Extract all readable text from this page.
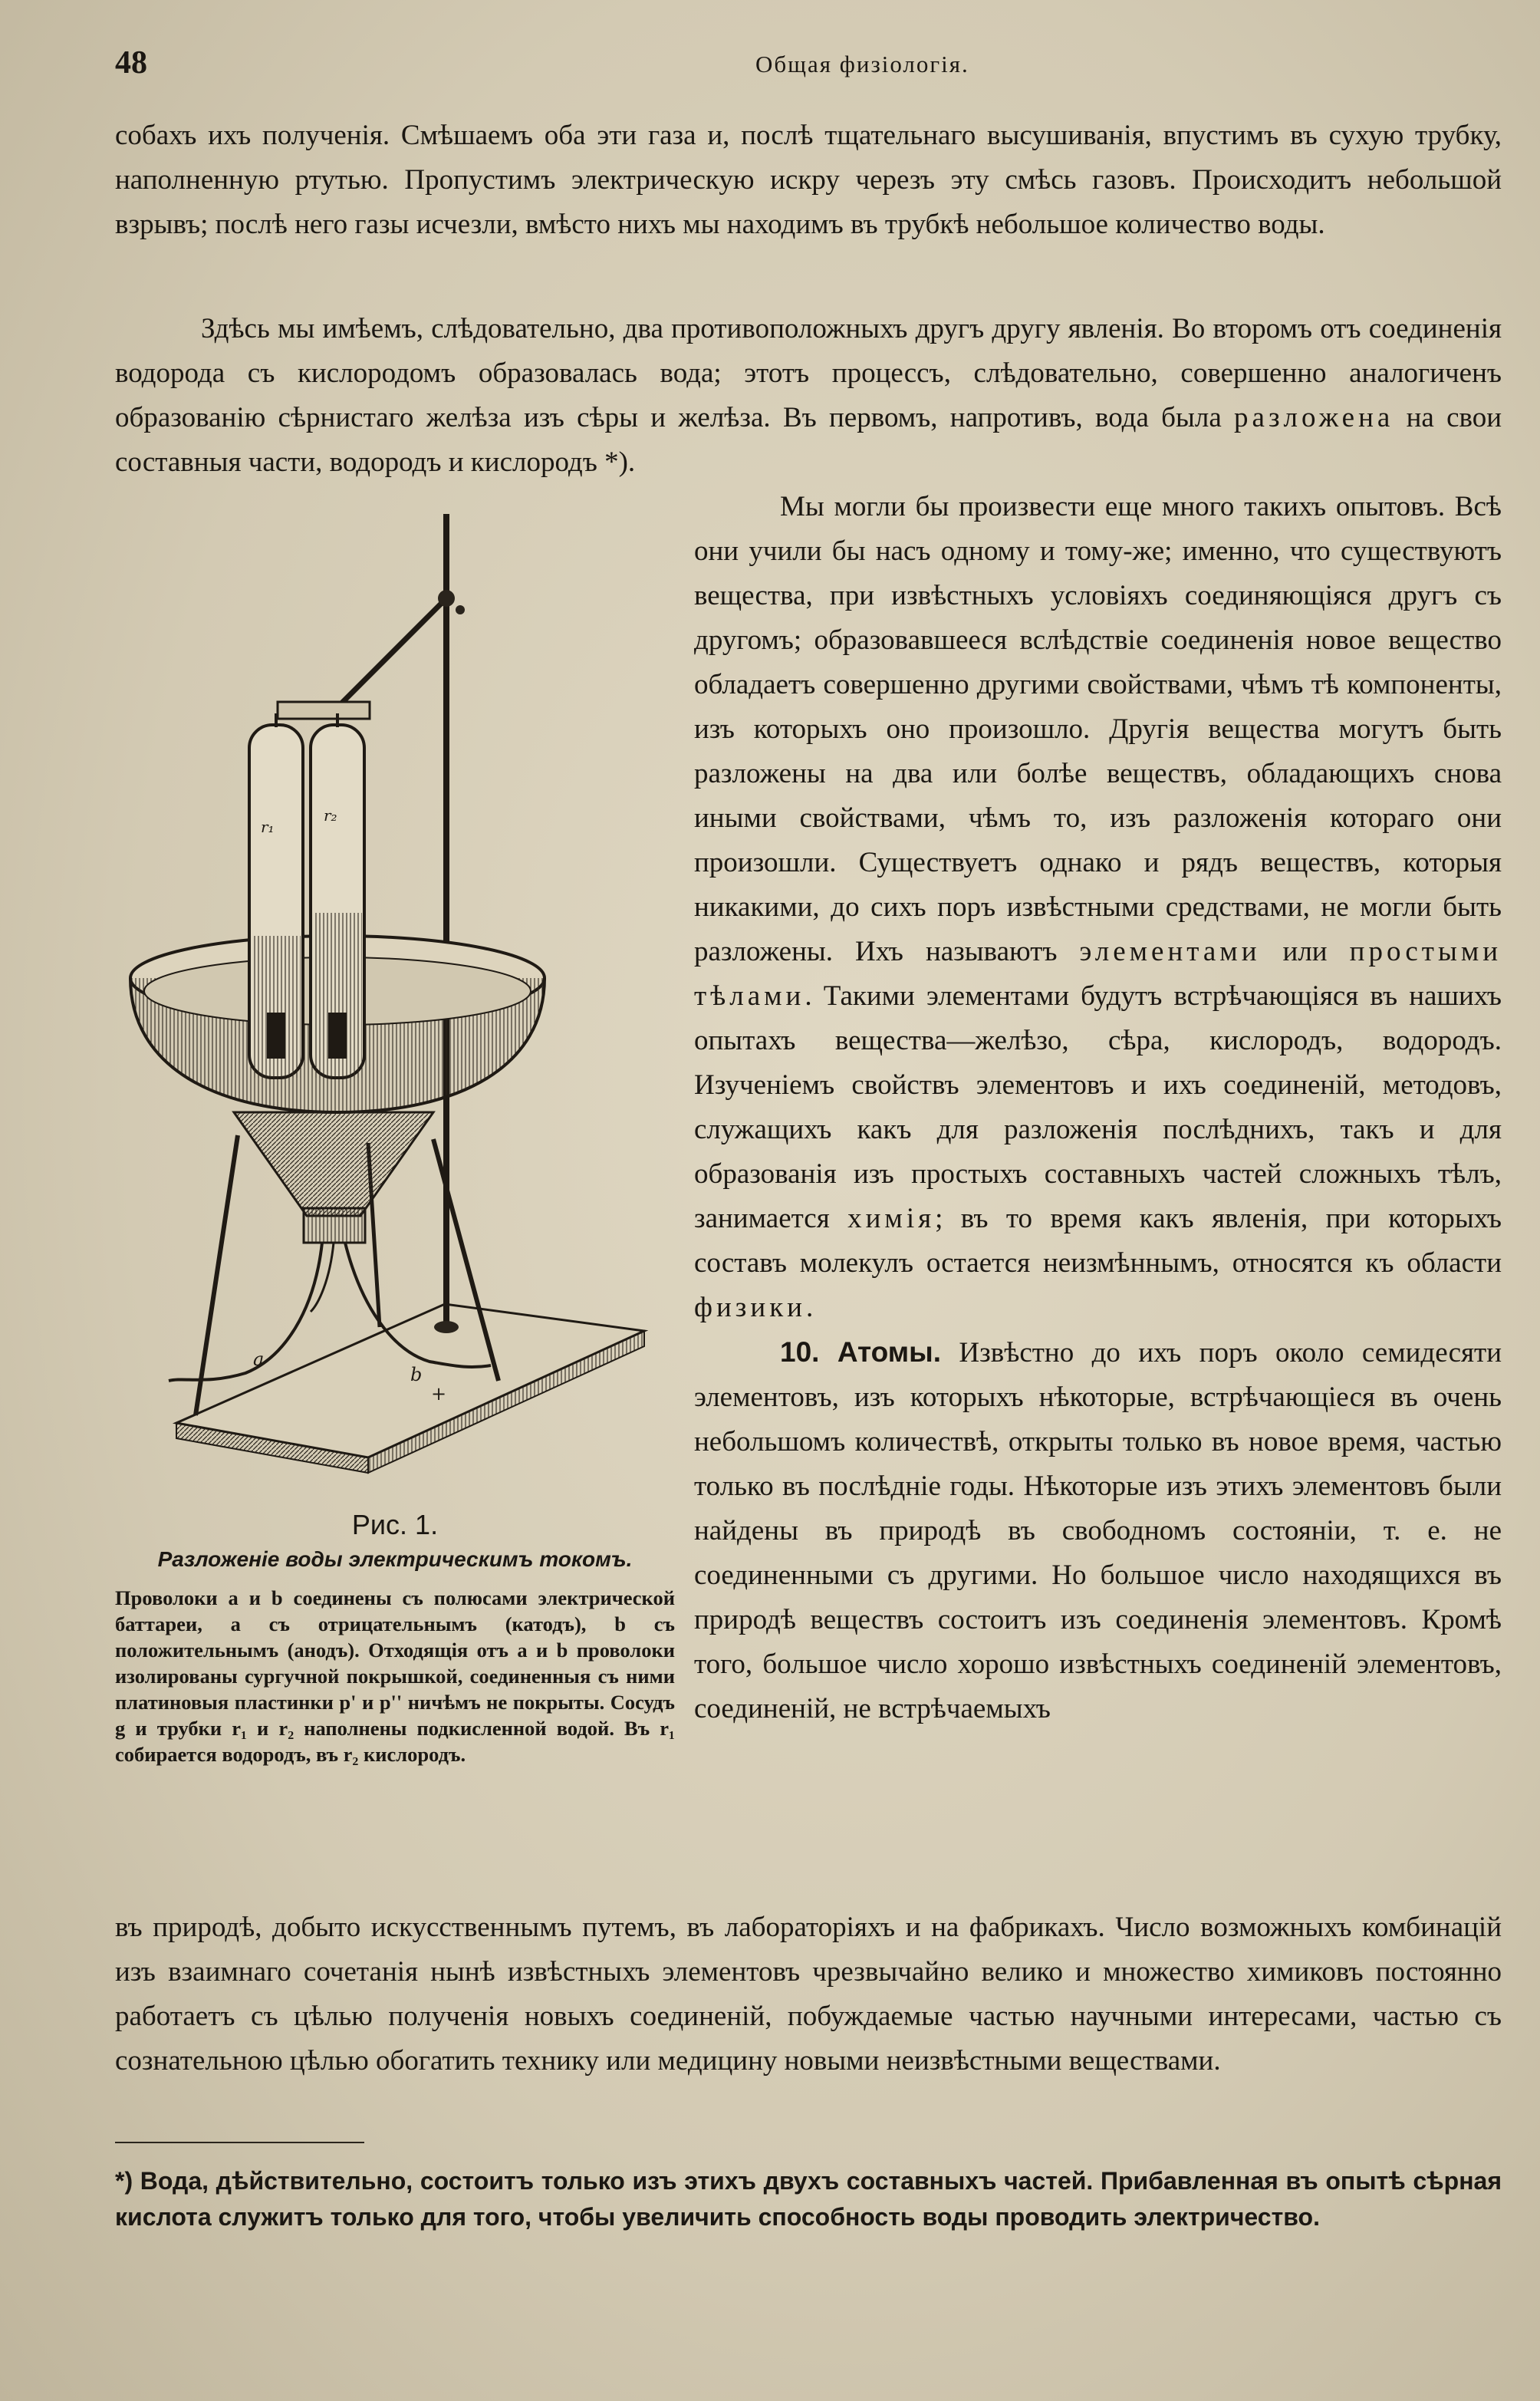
48	Общая физiологiя.

собахъ ихъ полученія. Смѣшаемъ оба эти газа и, послѣ тщательнаго высушиванія, впустимъ въ сухую трубку, наполненную ртутью. Пропустимъ электрическую искру черезъ эту смѣсь газовъ. Происходитъ небольшой взрывъ; послѣ него газы исчезли, вмѣсто нихъ мы находимъ въ трубкѣ небольшое количество воды.

Здѣсь мы имѣемъ, слѣдовательно, два противоположныхъ другъ другу явленія. Во второмъ отъ соединенія водорода съ кислородомъ образовалась вода; этотъ процессъ, слѣдовательно, совершенно аналогиченъ образованію сѣрнистаго желѣза изъ сѣры и желѣза. Въ первомъ, напротивъ, вода была разложена на свои составныя части, водородъ и кислородъ *).

r₁
r₂
a
b
+
Рис. 1.
Разложеніе воды электрическимъ токомъ.
Проволоки a и b соединены съ полюсами электрической баттареи, a съ отрицательнымъ (катодъ), b съ положительнымъ (анодъ). Отходящія отъ a и b проволоки изолированы сургучной покрышкой, соединенныя съ ними платиновыя пластинки p' и p'' ничѣмъ не покрыты. Сосудъ g и трубки r₁ и r₂ наполнены подкисленной водой. Въ r₁ собирается водородъ, въ r₂ кислородъ.

Мы могли бы произвести еще много такихъ опытовъ. Всѣ они учили бы насъ одному и тому-же; именно, что существуютъ вещества, при извѣстныхъ условіяхъ соединяющіяся другъ съ другомъ; образовавшееся вслѣдствіе соединенія новое вещество обладаетъ совершенно другими свойствами, чѣмъ тѣ компоненты, изъ которыхъ оно произошло. Другія вещества могутъ быть разложены на два или болѣе веществъ, обладающихъ снова иными свойствами, чѣмъ то, изъ разложенія котораго они произошли. Существуетъ однако и рядъ веществъ, которыя никакими, до сихъ поръ извѣстными средствами, не могли быть разложены. Ихъ называютъ элементами или простыми тѣлами. Такими элементами будутъ встрѣчающіяся въ нашихъ опытахъ вещества—желѣзо, сѣра, кислородъ, водородъ. Изученіемъ свойствъ элементовъ и ихъ соединеній, методовъ, служащихъ какъ для разложенія послѣднихъ, такъ и для образованія изъ простыхъ составныхъ частей сложныхъ тѣлъ, занимается химія; въ то время какъ явленія, при которыхъ составъ молекулъ остается неизмѣннымъ, относятся къ области физики.

10. Атомы. Извѣстно до ихъ поръ около семидесяти элементовъ, изъ которыхъ нѣкоторые, встрѣчающіеся въ очень небольшомъ количествѣ, открыты только въ новое время, частью только въ послѣдніе годы. Нѣкоторые изъ этихъ элементовъ были найдены въ природѣ въ свободномъ состояніи, т. е. не соединенными съ другими. Но большое число находящихся въ природѣ веществъ состоитъ изъ соединенія элементовъ. Кромѣ того, большое число хорошо извѣстныхъ соединеній элементовъ, соединеній, не встрѣчаемыхъ

въ природѣ, добыто искусственнымъ путемъ, въ лабораторіяхъ и на фабрикахъ. Число возможныхъ комбинацій изъ взаимнаго сочетанія нынѣ извѣстныхъ элементовъ чрезвычайно велико и множество химиковъ постоянно работаетъ съ цѣлью полученія новыхъ соединеній, побуждаемые частью научными интересами, частью съ сознательною цѣлью обогатить технику или медицину новыми неизвѣстными веществами.

*) Вода, дѣйствительно, состоитъ только изъ этихъ двухъ составныхъ частей. Прибавленная въ опытѣ сѣрная кислота служитъ только для того, чтобы увеличить способность воды проводить электричество.
